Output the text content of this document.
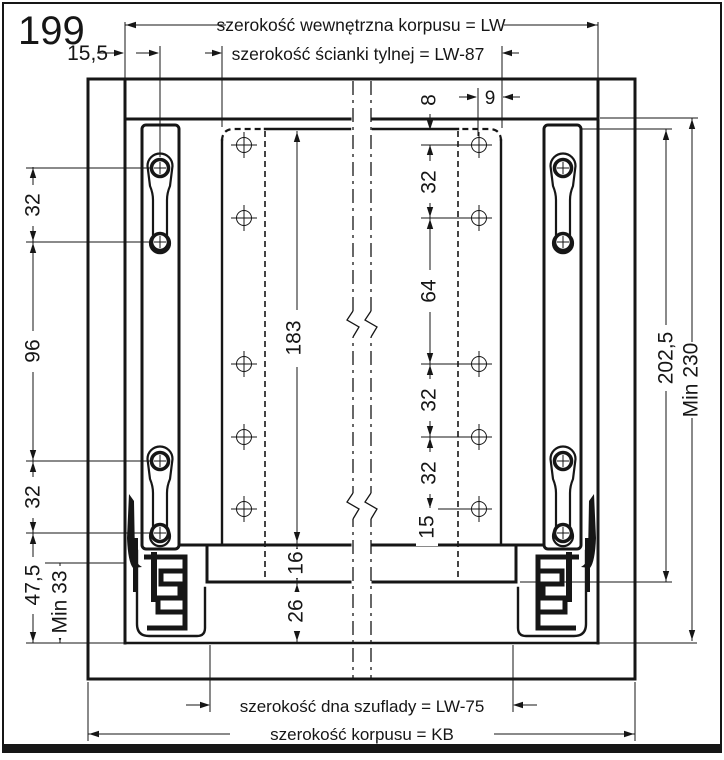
199	szerokość wewnętrzna korpusu = LW
szerokość ścianki tylnej = LW-87
15,5
9
8
32
64
32
32
15
32
96
32
47,5 Min 33
183
16
26
202,5 Min 230
szerokość dna szuflady = LW-75
szerokość korpusu = KB
